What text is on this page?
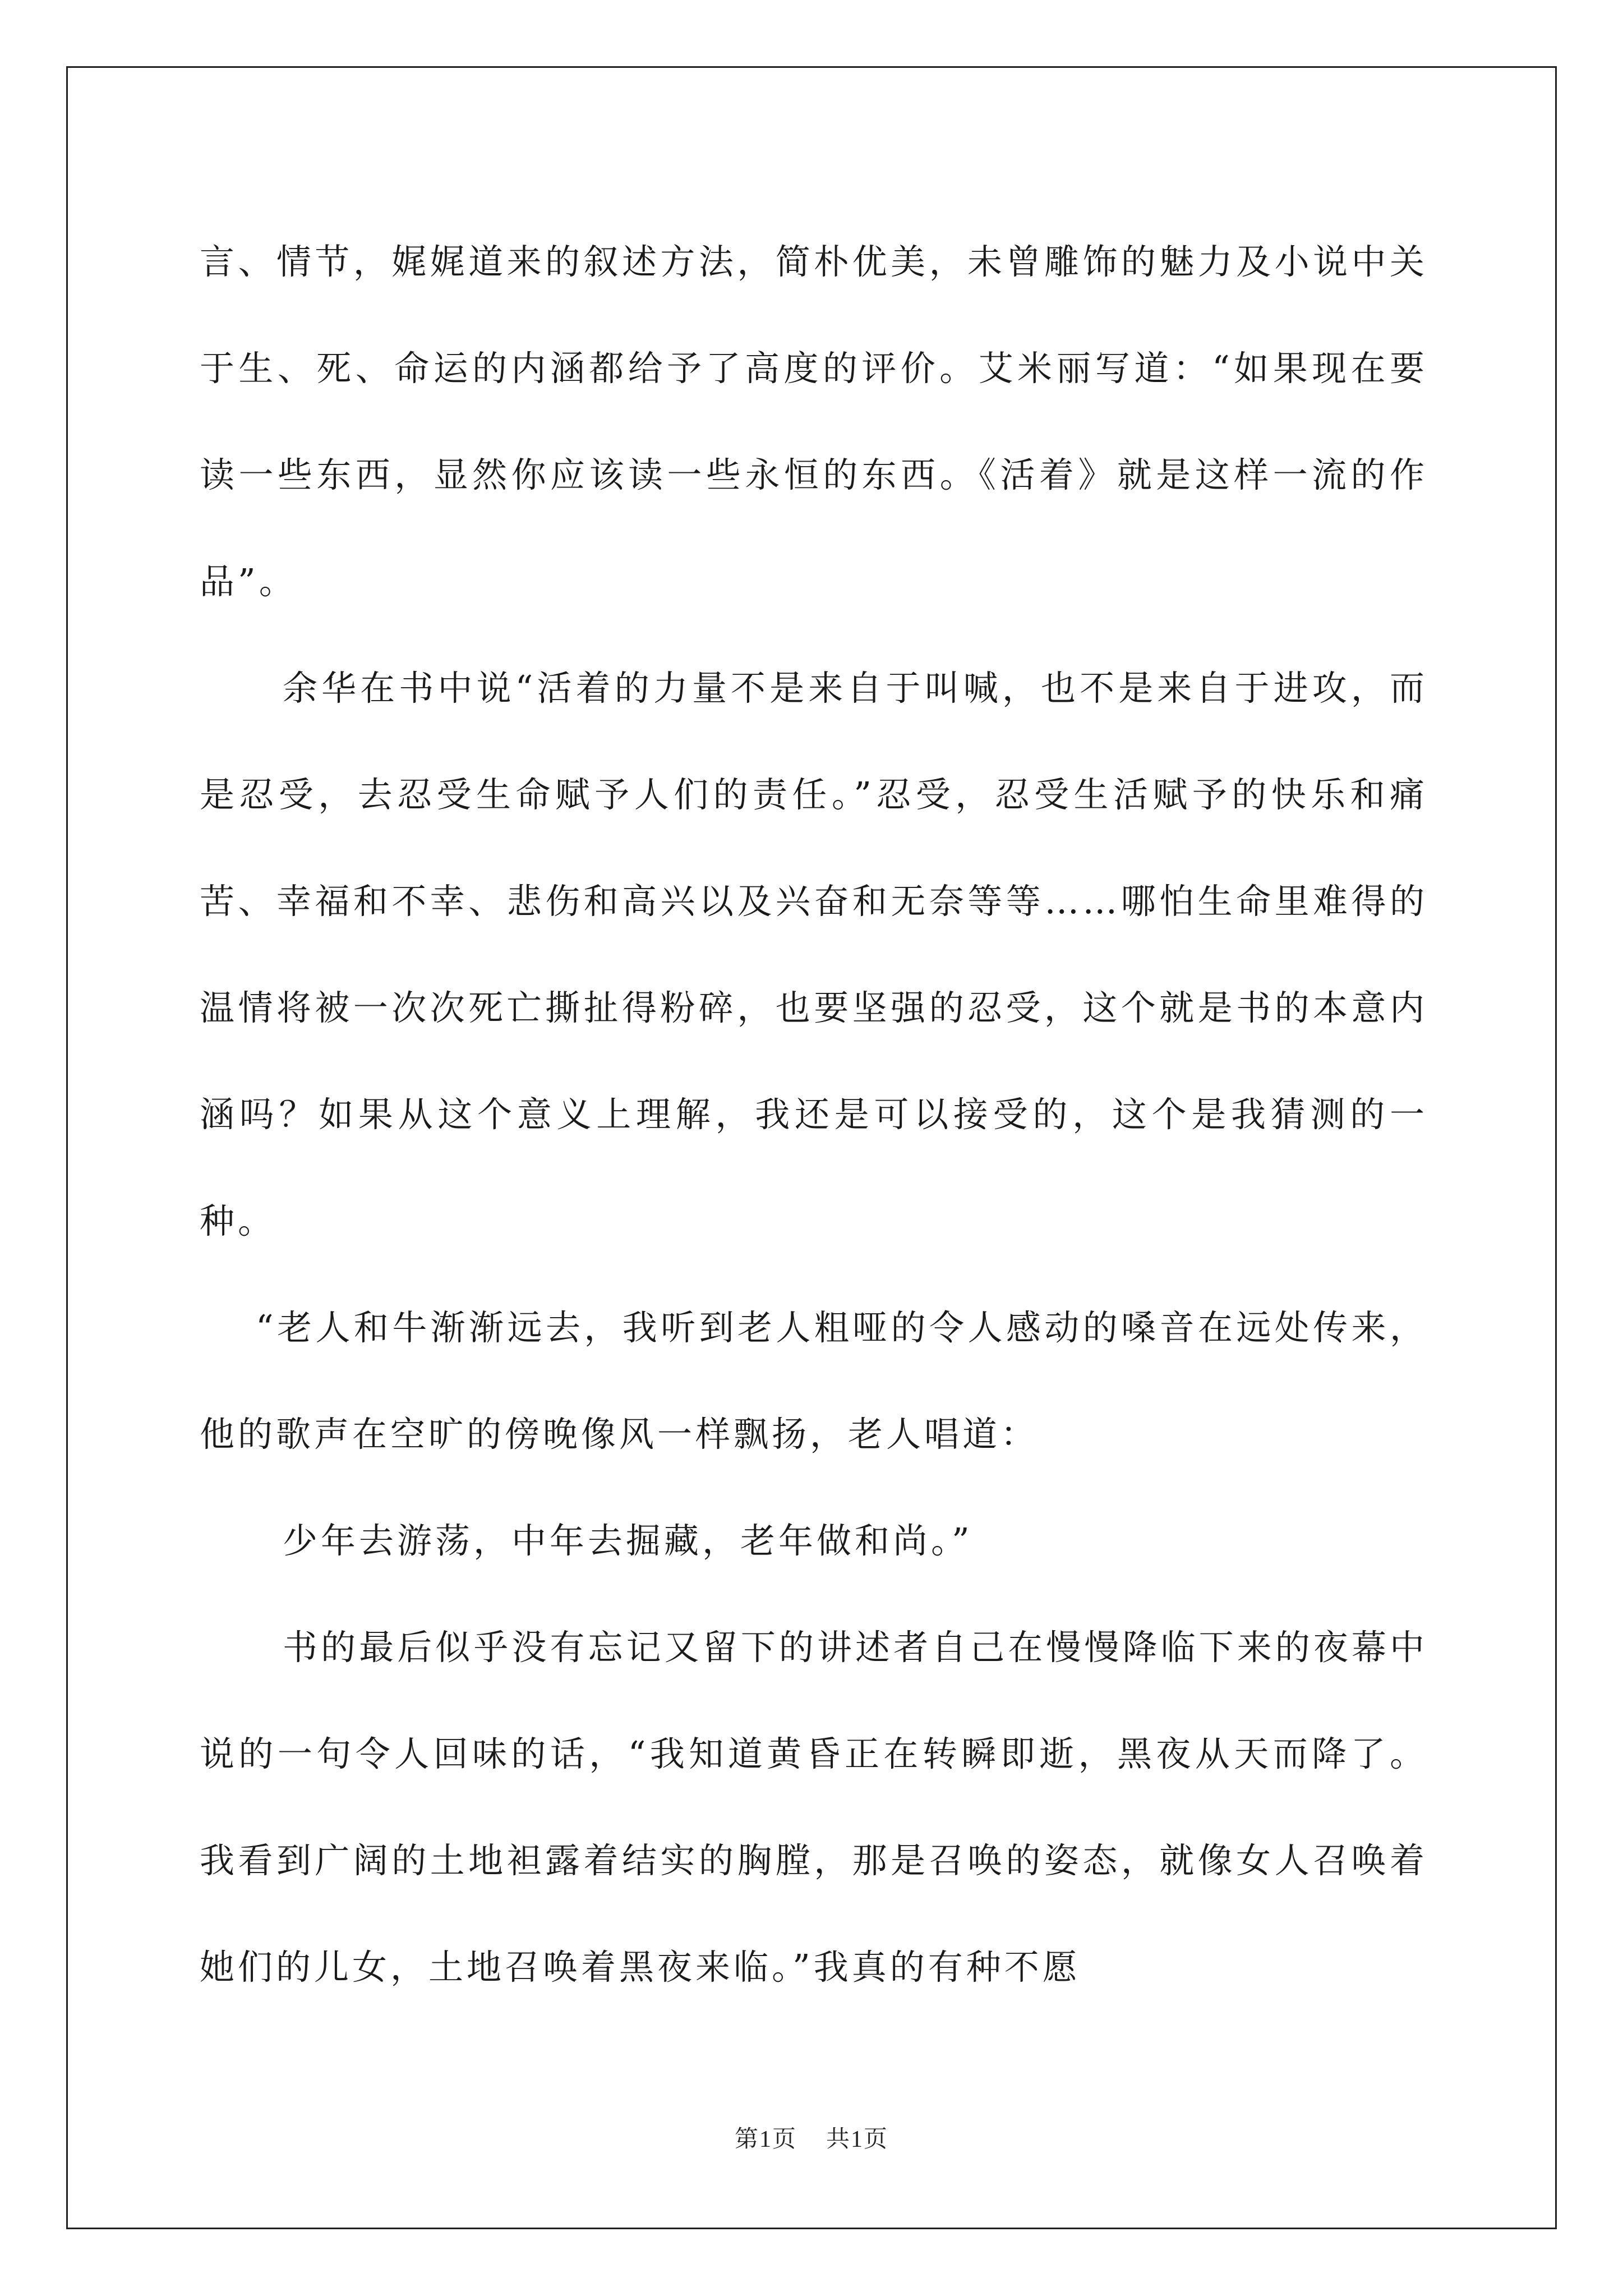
言、情节，娓娓道来的叙述方法，简朴优美，未曾雕饰的魅力及小说中关于生、死、命运的内涵都给予了高度的评价。艾米丽写道：“如果现在要读一些东西，显然你应该读一些永恒的东西。《活着》就是这样一流的作品”。

余华在书中说“活着的力量不是来自于叫喊，也不是来自于进攻，而是忍受，去忍受生命赋予人们的责任。”忍受，忍受生活赋予的快乐和痛苦、幸福和不幸、悲伤和高兴以及兴奋和无奈等等……哪怕生命里难得的温情将被一次次死亡撕扯得粉碎，也要坚强的忍受，这个就是书的本意内涵吗？如果从这个意义上理解，我还是可以接受的，这个是我猜测的一种。

“老人和牛渐渐远去，我听到老人粗哑的令人感动的嗓音在远处传来，他的歌声在空旷的傍晚像风一样飘扬，老人唱道：

少年去游荡，中年去掘藏，老年做和尚。”

书的最后似乎没有忘记又留下的讲述者自己在慢慢降临下来的夜幕中说的一句令人回味的话，“我知道黄昏正在转瞬即逝，黑夜从天而降了。我看到广阔的土地袒露着结实的胸膛，那是召唤的姿态，就像女人召唤着她们的儿女，土地召唤着黑夜来临。”我真的有种不愿

第1页 共1页
